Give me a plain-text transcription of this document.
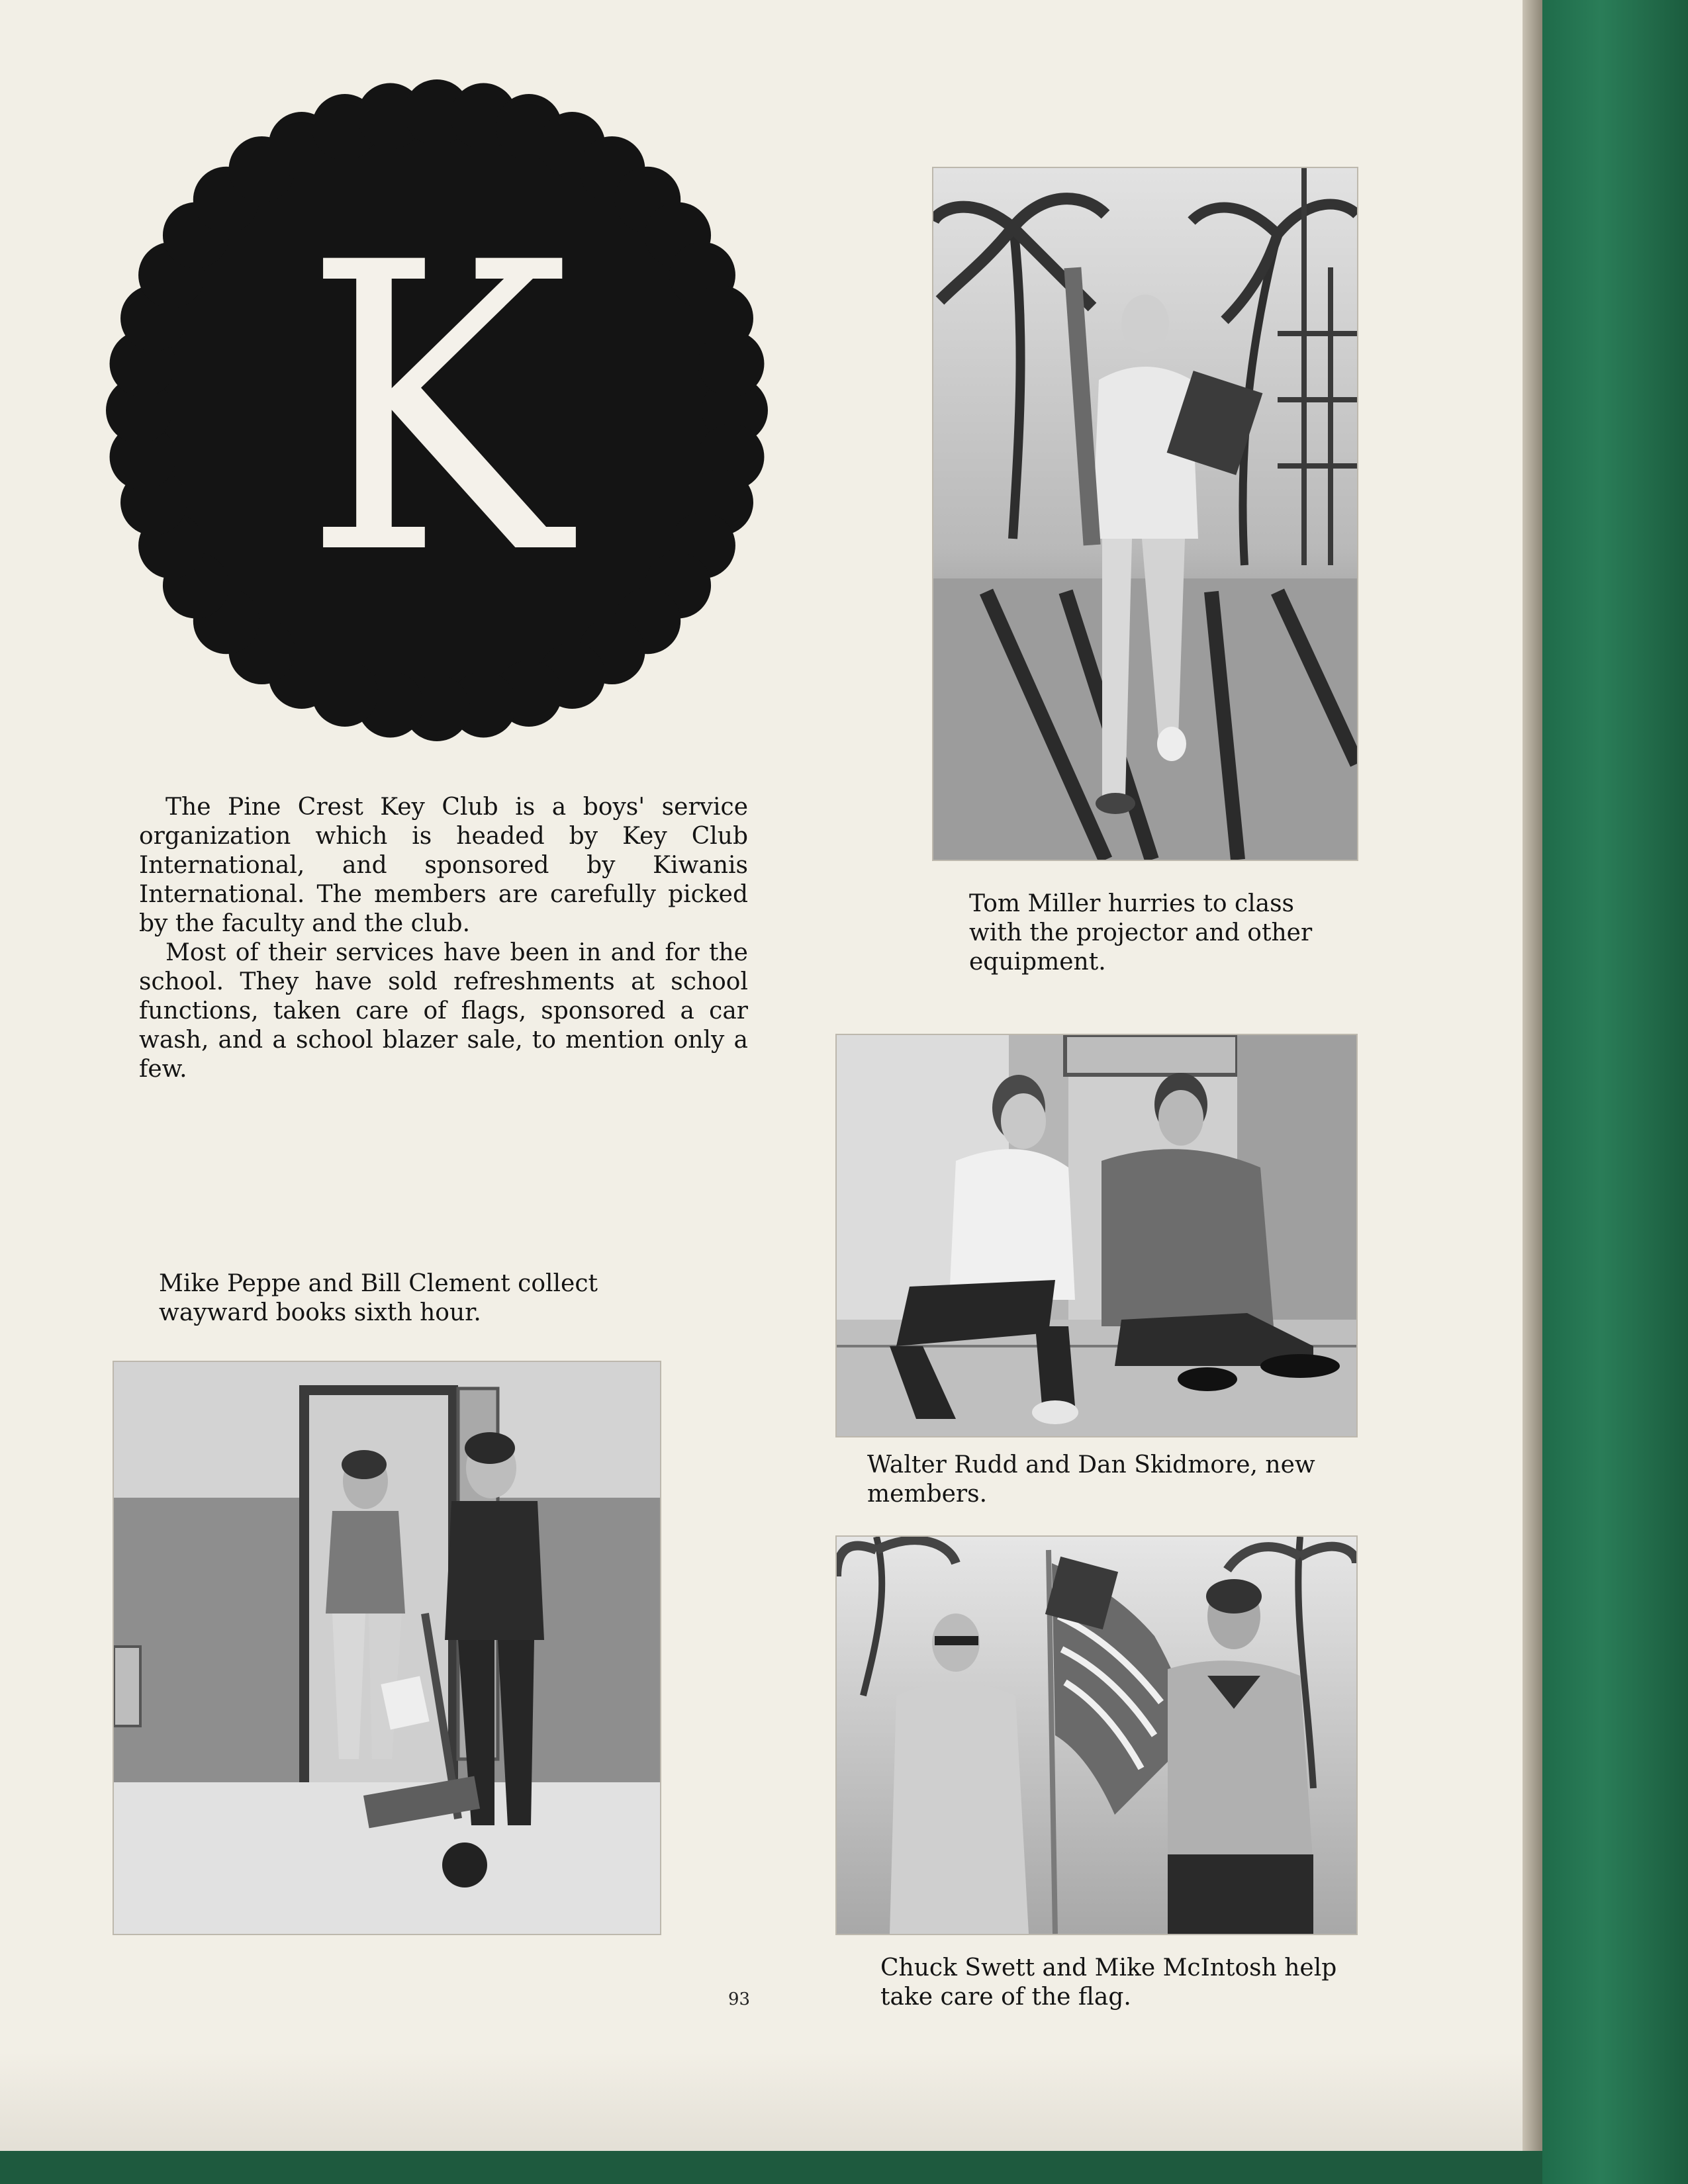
K

The Pine Crest Key Club is a boys' service organization which is headed by Key Club International, and sponsored by Kiwanis International. The members are carefully picked by the faculty and the club.

Most of their services have been in and for the school. They have sold refreshments at school functions, taken care of flags, sponsored a car wash, and a school blazer sale, to mention only a few.

Tom Miller hurries to class with the projector and other equipment.
Walter Rudd and Dan Skidmore, new members.
Chuck Swett and Mike McIntosh help take care of the flag.
Mike Peppe and Bill Clement collect wayward books sixth hour.
93
